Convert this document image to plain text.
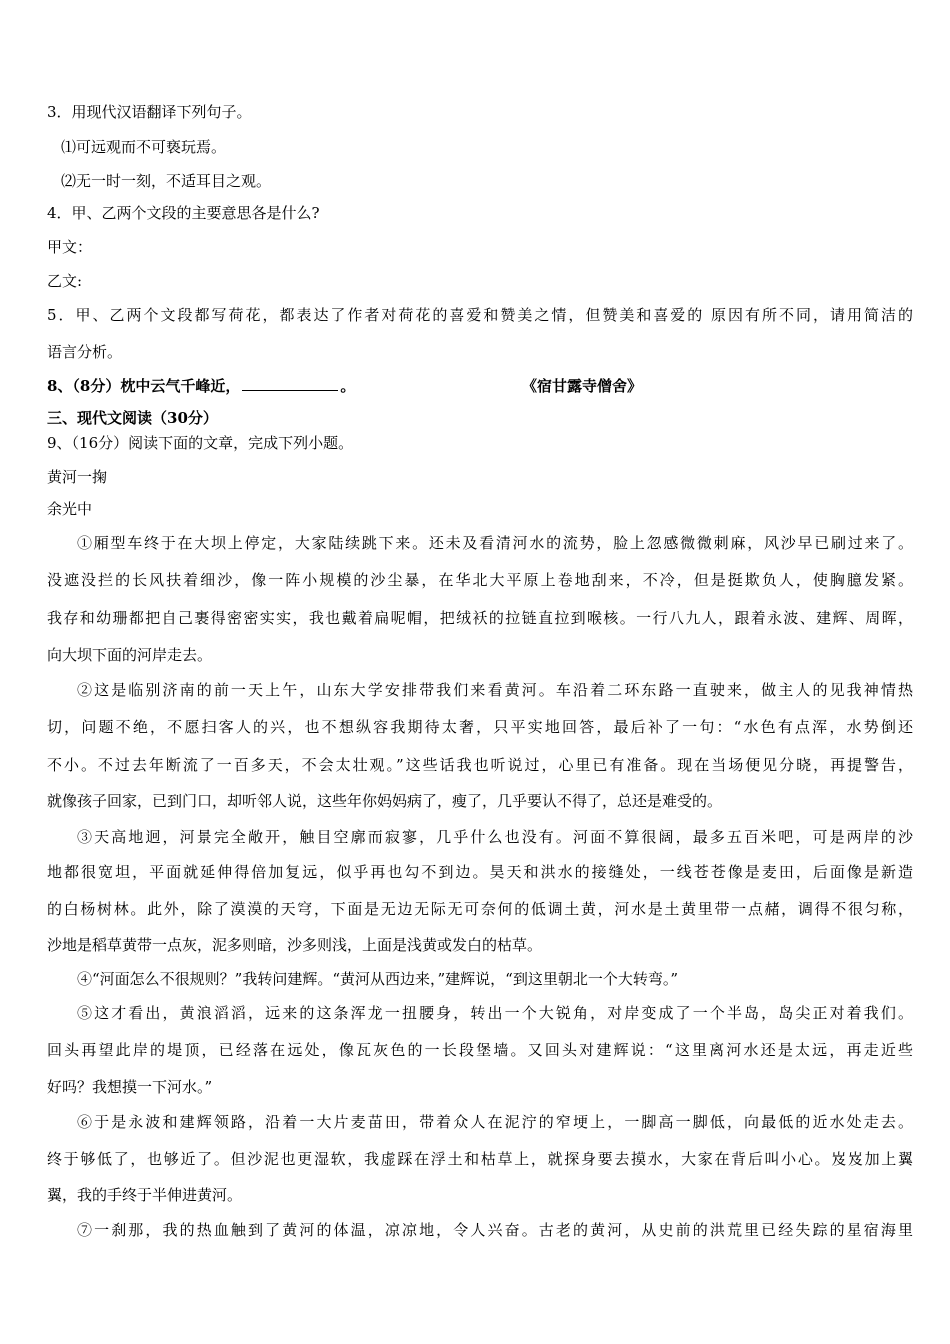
3．用现代汉语翻译下列句子。

⑴可远观而不可亵玩焉。

⑵无一时一刻，不适耳目之观。

4．甲、乙两个文段的主要意思各是什么?

甲文：

乙文:

5．甲、乙两个文段都写荷花，都表达了作者对荷花的喜爱和赞美之情，但赞美和喜爱的 原因有所不同，请用简洁的

语言分析。

8、（8分）枕中云气千峰近，	。	《宿甘露寺僧舍》

三、现代文阅读（30分）

9、（16分）阅读下面的文章，完成下列小题。

黄河一掬

余光中

①厢型车终于在大坝上停定，大家陆续跳下来。还未及看清河水的流势，脸上忽感微微刺麻，风沙早已刷过来了。

没遮没拦的长风扶着细沙，像一阵小规模的沙尘暴，在华北大平原上卷地刮来，不冷，但是挺欺负人，使胸臆发紧。

我存和幼珊都把自己裹得密密实实，我也戴着扁呢帽，把绒袄的拉链直拉到喉核。一行八九人，跟着永波、建辉、周晖，

向大坝下面的河岸走去。

②这是临别济南的前一天上午，山东大学安排带我们来看黄河。车沿着二环东路一直驶来，做主人的见我神情热

切，问题不绝，不愿扫客人的兴，也不想纵容我期待太奢，只平实地回答，最后补了一句：“水色有点浑，水势倒还

不小。不过去年断流了一百多天，不会太壮观。”这些话我也听说过，心里已有准备。现在当场便见分晓，再提警告，

就像孩子回家，已到门口，却听邻人说，这些年你妈妈病了，瘦了，几乎要认不得了，总还是难受的。

③天高地迥，河景完全敞开，触目空廓而寂寥，几乎什么也没有。河面不算很阔，最多五百米吧，可是两岸的沙

地都很宽坦，平面就延伸得倍加复远，似乎再也勾不到边。昊天和洪水的接缝处，一线苍苍像是麦田，后面像是新造

的白杨树林。此外，除了漠漠的天穹，下面是无边无际无可奈何的低调土黄，河水是土黄里带一点赭，调得不很匀称，

沙地是稻草黄带一点灰，泥多则暗，沙多则浅，上面是浅黄或发白的枯草。

④“河面怎么不很规则？”我转问建辉。“黄河从西边来，”建辉说，“到这里朝北一个大转弯。”

⑤这才看出，黄浪滔滔，远来的这条浑龙一扭腰身，转出一个大锐角，对岸变成了一个半岛，岛尖正对着我们。

回头再望此岸的堤顶，已经落在远处，像瓦灰色的一长段堡墙。又回头对建辉说：“这里离河水还是太远，再走近些

好吗？我想摸一下河水。”

⑥于是永波和建辉领路，沿着一大片麦苗田，带着众人在泥泞的窄埂上，一脚高一脚低，向最低的近水处走去。

终于够低了，也够近了。但沙泥也更湿软，我虚踩在浮土和枯草上，就探身要去摸水，大家在背后叫小心。岌岌加上翼

翼，我的手终于半伸进黄河。

⑦一刹那，我的热血触到了黄河的体温，凉凉地，令人兴奋。古老的黄河，从史前的洪荒里已经失踪的星宿海里
